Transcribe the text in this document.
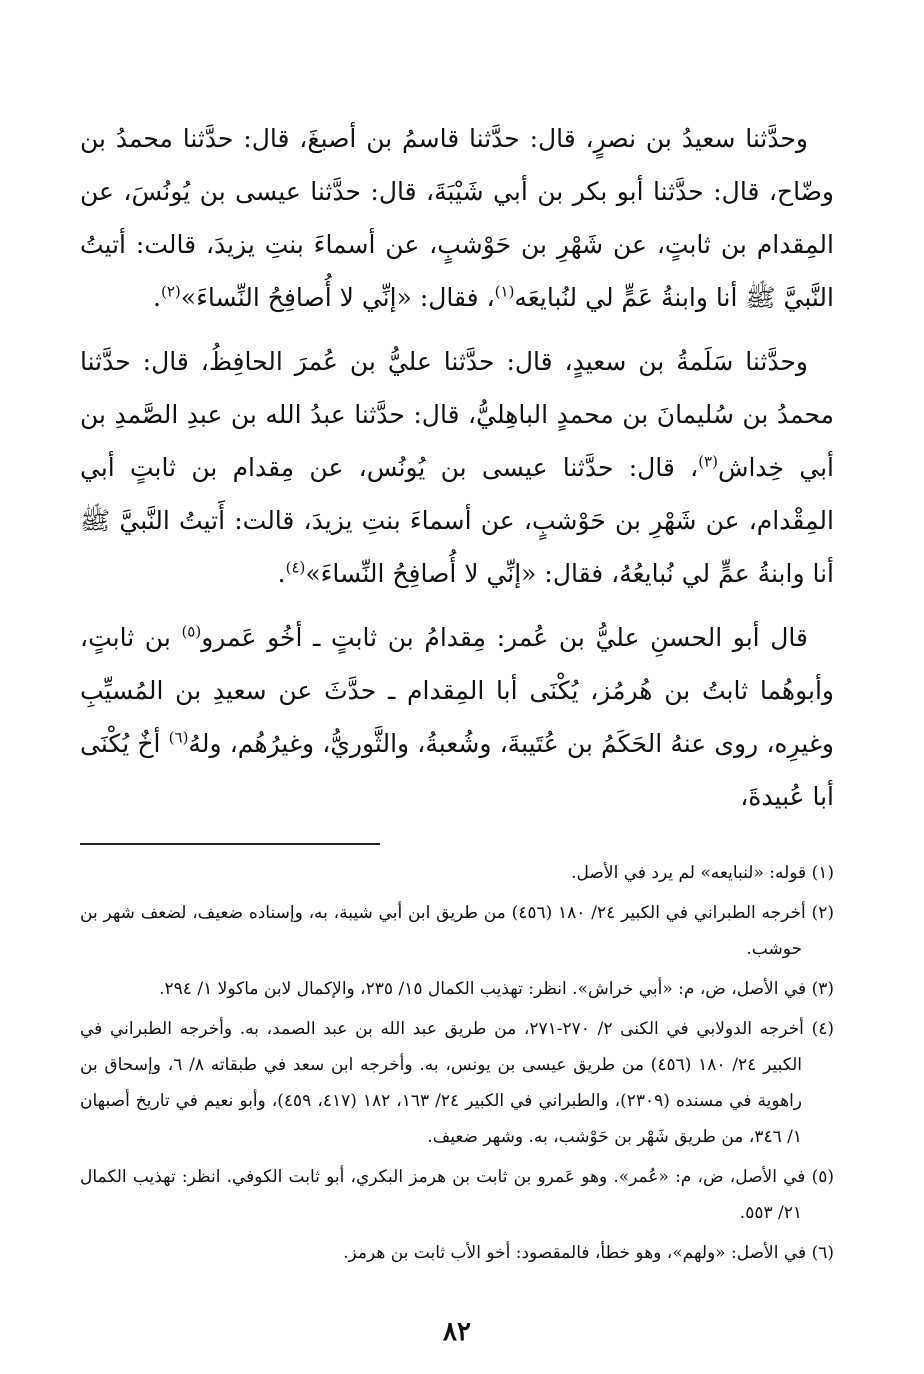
وحدَّثنا سعيدُ بن نصرٍ، قال: حدَّثنا قاسمُ بن أصبغَ، قال: حدَّثنا محمدُ بن وضّاح، قال: حدَّثنا أبو بكر بن أبي شَيْبَةَ، قال: حدَّثنا عيسى بن يُونُسَ، عن المِقدام بن ثابتٍ، عن شَهْرِ بن حَوْشبٍ، عن أسماءَ بنتِ يزيدَ، قالت: أتيتُ النَّبيَّ ﷺ أنا وابنةُ عَمٍّ لي لنُبايعَه$^{(١)}$، فقال: «إنِّي لا أُصافِحُ النِّساءَ»$^{(٢)}$.

وحدَّثنا سَلَمةُ بن سعيدٍ، قال: حدَّثنا عليُّ بن عُمرَ الحافِظُ، قال: حدَّثنا محمدُ بن سُليمانَ بن محمدٍ الباهِليُّ، قال: حدَّثنا عبدُ الله بن عبدِ الصَّمدِ بن أبي خِداش$^{(٣)}$، قال: حدَّثنا عيسى بن يُونُس، عن مِقدام بن ثابتٍ أبي المِقْدام، عن شَهْرِ بن حَوْشبٍ، عن أسماءَ بنتِ يزيدَ، قالت: أَتيتُ النَّبيَّ ﷺ أنا وابنةُ عمٍّ لي نُبايعُهُ، فقال: «إنِّي لا أُصافِحُ النِّساءَ»$^{(٤)}$.

قال أبو الحسنِ عليُّ بن عُمر: مِقدامُ بن ثابتٍ ـ أخُو عَمرو$^{(٥)}$ بن ثابتٍ، وأبوهُما ثابتُ بن هُرمُز، يُكْنَى أبا المِقدام ـ حدَّثَ عن سعيدِ بن المُسيِّبِ وغيرِه، روى عنهُ الحَكَمُ بن عُتَيبةَ، وشُعبةُ، والثَّوريُّ، وغيرُهُم، ولهُ$^{(٦)}$ أخٌ يُكْنَى أبا عُبيدةَ،

(١) قوله: «لنبايعه» لم يرد في الأصل.

(٢) أخرجه الطبراني في الكبير ٢٤/ ١٨٠ (٤٥٦) من طريق ابن أبي شيبة، به، وإسناده ضعيف، لضعف شهر بن حوشب.

(٣) في الأصل، ض، م: «أبي خراش». انظر: تهذيب الكمال ١٥/ ٢٣٥، والإكمال لابن ماكولا ١/ ٢٩٤.

(٤) أخرجه الدولابي في الكنى ٢/ ٢٧٠-٢٧١، من طريق عبد الله بن عبد الصمد، به. وأخرجه الطبراني في الكبير ٢٤/ ١٨٠ (٤٥٦) من طريق عيسى بن يونس، به. وأخرجه ابن سعد في طبقاته ٨/ ٦، وإسحاق بن راهوية في مسنده (٢٣٠٩)، والطبراني في الكبير ٢٤/ ١٦٣، ١٨٢ (٤١٧، ٤٥٩)، وأبو نعيم في تاريخ أصبهان ١/ ٣٤٦، من طريق شَهْر بن حَوْشب، به. وشهر ضعيف.

(٥) في الأصل، ض، م: «عُمر». وهو عَمرو بن ثابت بن هرمز البكري، أبو ثابت الكوفي. انظر: تهذيب الكمال ٢١/ ٥٥٣.

(٦) في الأصل: «ولهم»، وهو خطأ، فالمقصود: أخو الأب ثابت بن هرمز.

٨٢
